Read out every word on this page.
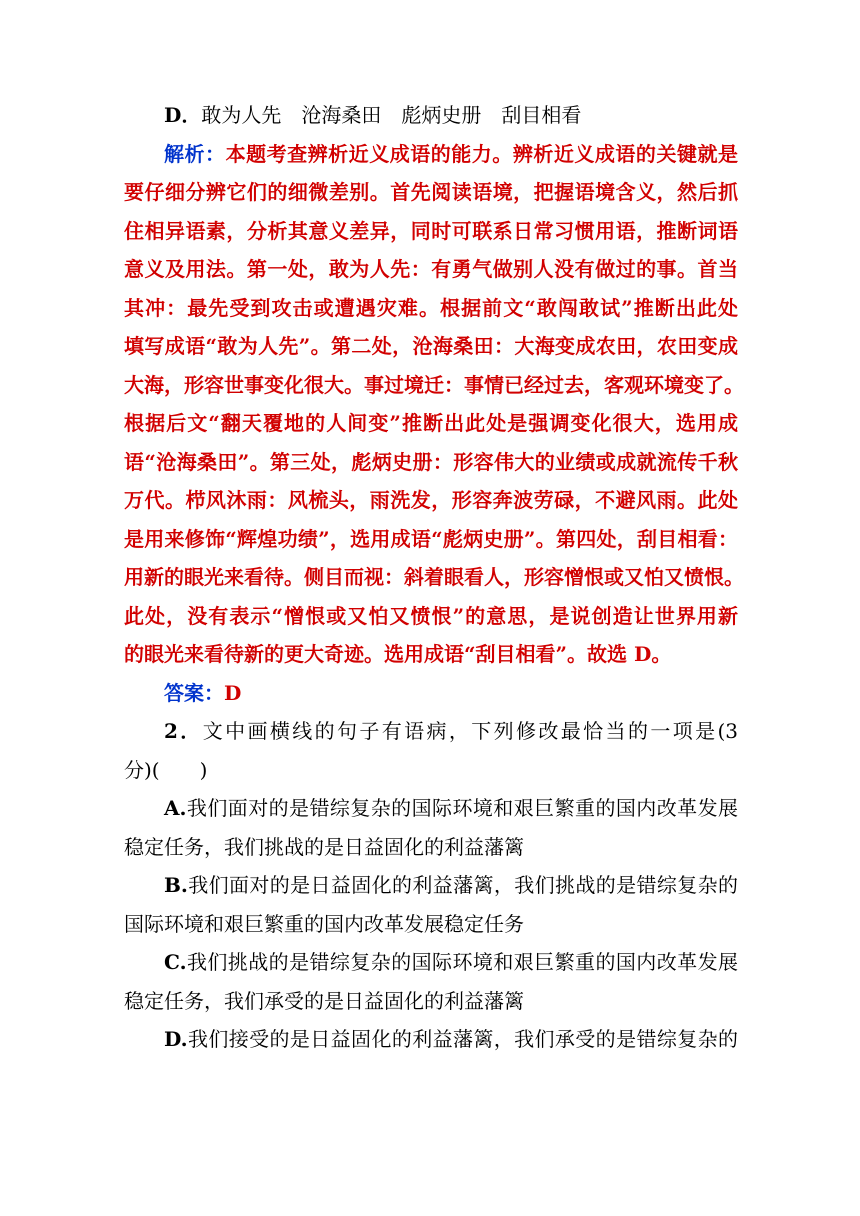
D．敢为人先 沧海桑田 彪炳史册 刮目相看
解析：本题考查辨析近义成语的能力。辨析近义成语的关键就是
要仔细分辨它们的细微差别。首先阅读语境，把握语境含义，然后抓
住相异语素，分析其意义差异，同时可联系日常习惯用语，推断词语
意义及用法。第一处，敢为人先：有勇气做别人没有做过的事。首当
其冲：最先受到攻击或遭遇灾难。根据前文“敢闯敢试”推断出此处
填写成语“敢为人先”。第二处，沧海桑田：大海变成农田，农田变成
大海，形容世事变化很大。事过境迁：事情已经过去，客观环境变了。
根据后文“翻天覆地的人间变”推断出此处是强调变化很大，选用成
语“沧海桑田”。第三处，彪炳史册：形容伟大的业绩或成就流传千秋
万代。栉风沐雨：风梳头，雨洗发，形容奔波劳碌，不避风雨。此处
是用来修饰“辉煌功绩”，选用成语“彪炳史册”。第四处，刮目相看：
用新的眼光来看待。侧目而视：斜着眼看人，形容憎恨或又怕又愤恨。
此处，没有表示“憎恨或又怕又愤恨”的意思，是说创造让世界用新
的眼光来看待新的更大奇迹。选用成语“刮目相看”。故选 D。
答案：D
2．文中画横线的句子有语病，下列修改最恰当的一项是(3
分)(　　)
A.我们面对的是错综复杂的国际环境和艰巨繁重的国内改革发展
稳定任务，我们挑战的是日益固化的利益藩篱
B.我们面对的是日益固化的利益藩篱，我们挑战的是错综复杂的
国际环境和艰巨繁重的国内改革发展稳定任务
C.我们挑战的是错综复杂的国际环境和艰巨繁重的国内改革发展
稳定任务，我们承受的是日益固化的利益藩篱
D.我们接受的是日益固化的利益藩篱，我们承受的是错综复杂的
